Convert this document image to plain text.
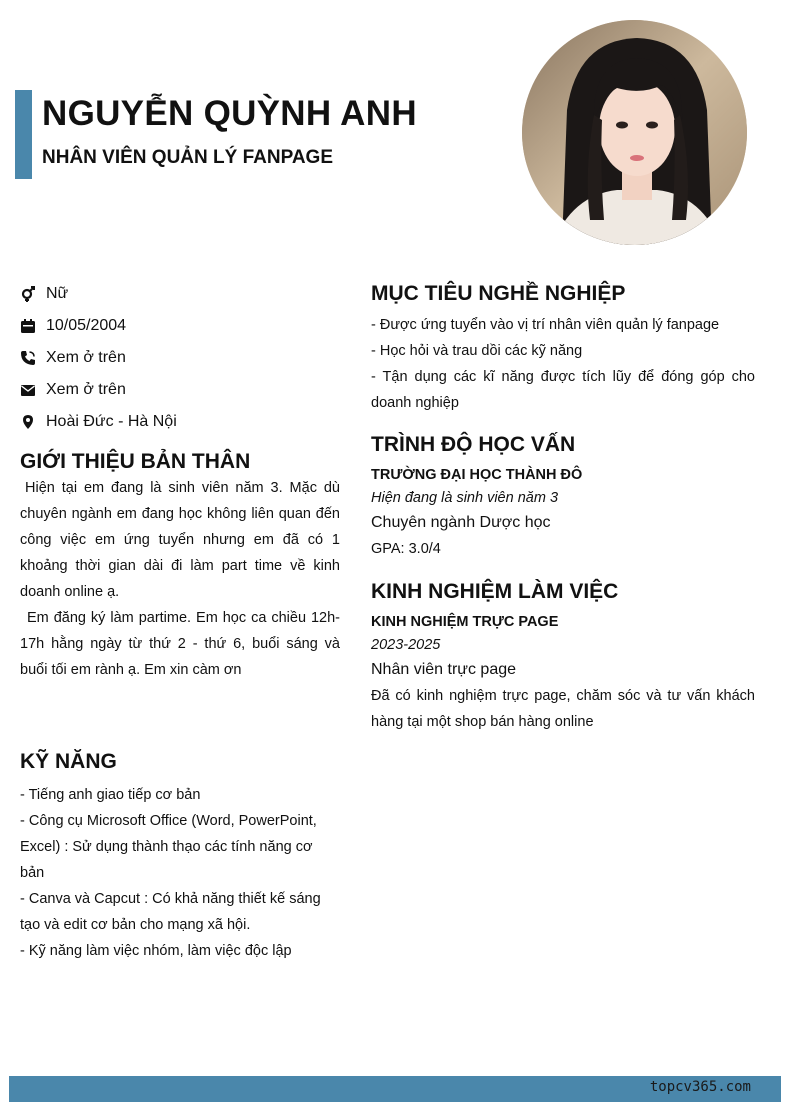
NGUYỄN QUỲNH ANH
NHÂN VIÊN QUẢN LÝ FANPAGE
Nữ
10/05/2004
Xem ở trên
Xem ở trên
Hoài Đức - Hà Nội
GIỚI THIỆU BẢN THÂN

Hiện tại em đang là sinh viên năm 3. Mặc dù chuyên ngành em đang học không liên quan đến công việc em ứng tuyển nhưng em đã có 1 khoảng thời gian dài đi làm part time về kinh doanh online ạ.

Em đăng ký làm partime. Em học ca chiều 12h-17h hằng ngày từ thứ 2 - thứ 6, buổi sáng và buổi tối em rành ạ. Em xin càm ơn

KỸ NĂNG

- Tiếng anh giao tiếp cơ bản

- Công cụ Microsoft Office (Word, PowerPoint, Excel) : Sử dụng thành thạo các tính năng cơ bản

- Canva và Capcut : Có khả năng thiết kế sáng tạo và edit cơ bản cho mạng xã hội.

- Kỹ năng làm việc nhóm, làm việc độc lập

MỤC TIÊU NGHỀ NGHIỆP

- Được ứng tuyển vào vị trí nhân viên quản lý fanpage

- Học hỏi và trau dồi các kỹ năng

- Tận dụng các kĩ năng được tích lũy để đóng góp cho doanh nghiệp

TRÌNH ĐỘ HỌC VẤN
TRƯỜNG ĐẠI HỌC THÀNH ĐÔ
Hiện đang là sinh viên năm 3
Chuyên ngành Dược học
GPA: 3.0/4
KINH NGHIỆM LÀM VIỆC
KINH NGHIỆM TRỰC PAGE
2023-2025
Nhân viên trực page
Đã có kinh nghiệm trực page, chăm sóc và tư vấn khách hàng tại một shop bán hàng online
topcv365.com
